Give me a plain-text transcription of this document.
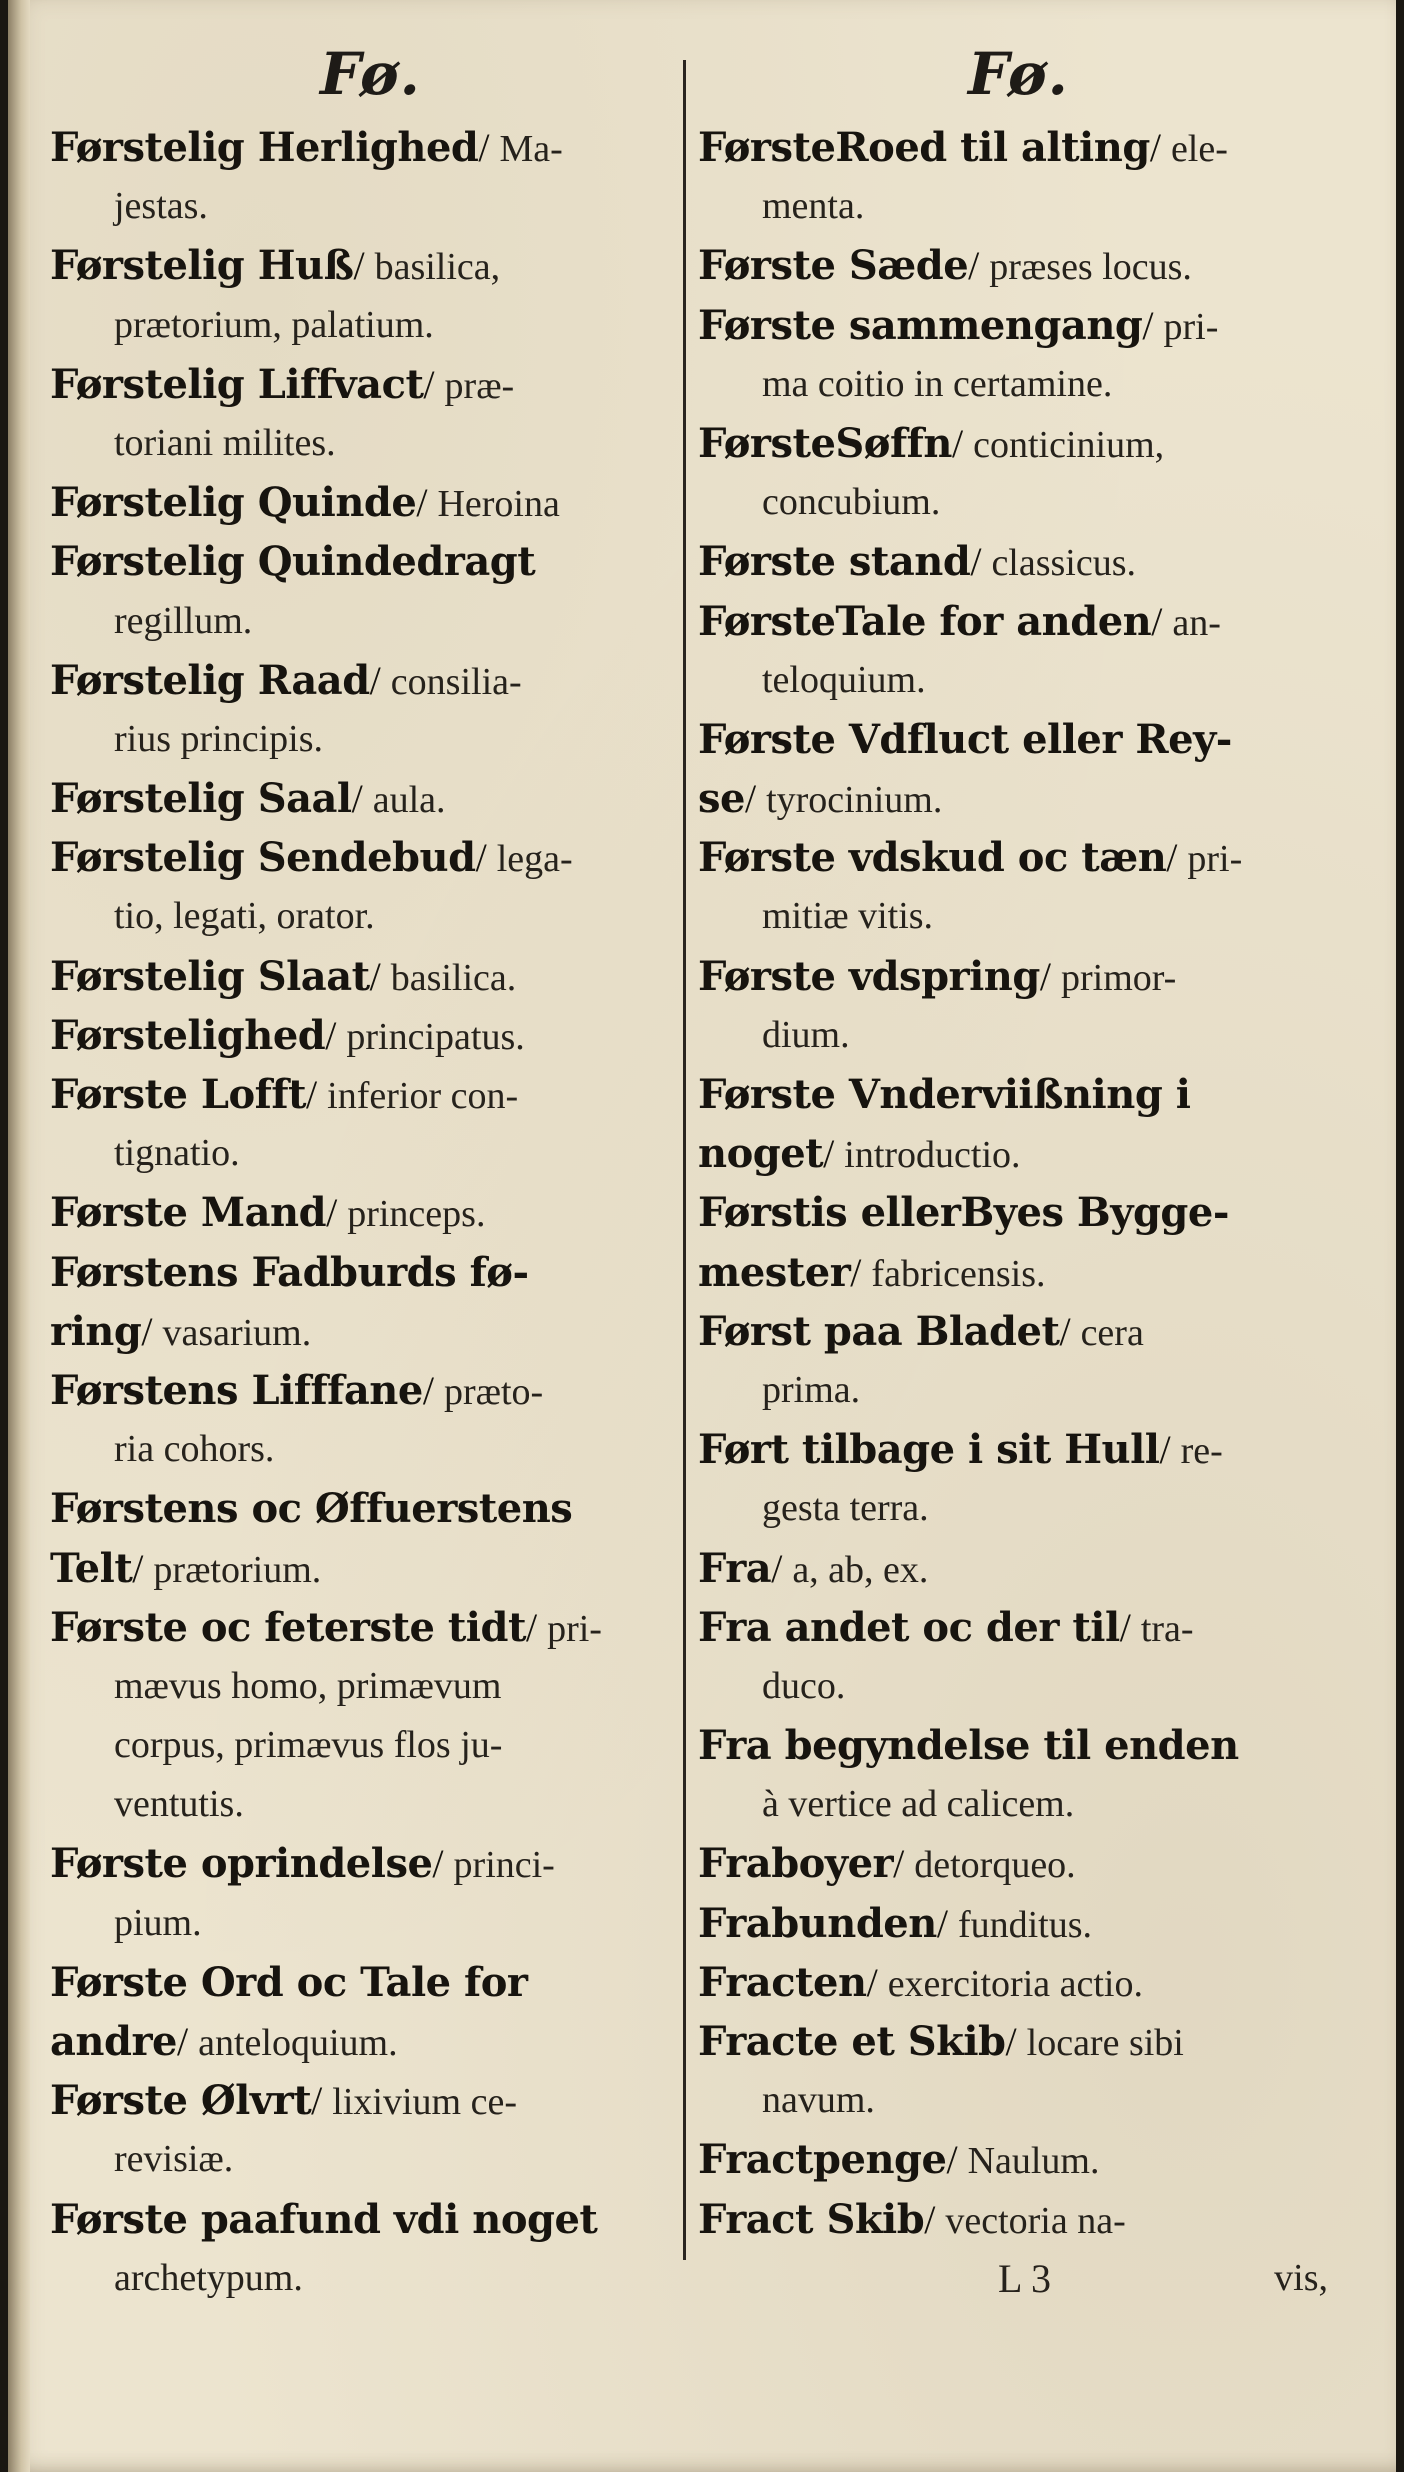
Fø.
Førstelig Herlighed/ Ma-
jestas.
Førstelig Huß/ basilica,
prætorium, palatium.
Førstelig Liffvact/ præ-
toriani milites.
Førstelig Quinde/ Heroina
Førstelig Quindedragt
regillum.
Førstelig Raad/ consilia-
rius principis.
Førstelig Saal/ aula.
Førstelig Sendebud/ lega-
tio, legati, orator.
Førstelig Slaat/ basilica.
Førstelighed/ principatus.
Første Lofft/ inferior con-
tignatio.
Første Mand/ princeps.
Førstens Fadburds fø-
ring/ vasarium.
Førstens Lifffane/ præto-
ria cohors.
Førstens oc Øffuerstens
Telt/ prætorium.
Første oc feterste tidt/ pri-
mævus homo, primævum
corpus, primævus flos ju-
ventutis.
Første oprindelse/ princi-
pium.
Første Ord oc Tale for
andre/ anteloquium.
Første Ølvrt/ lixivium ce-
revisiæ.
Første paafund vdi noget
archetypum.
Fø.
FørsteRoed til alting/ ele-
menta.
Første Sæde/ præses locus.
Første sammengang/ pri-
ma coitio in certamine.
FørsteSøffn/ conticinium,
concubium.
Første stand/ classicus.
FørsteTale for anden/ an-
teloquium.
Første Vdfluct eller Rey-
se/ tyrocinium.
Første vdskud oc tæn/ pri-
mitiæ vitis.
Første vdspring/ primor-
dium.
Første Vnderviißning i
noget/ introductio.
Førstis ellerByes Bygge-
mester/ fabricensis.
Først paa Bladet/ cera
prima.
Ført tilbage i sit Hull/ re-
gesta terra.
Fra/ a, ab, ex.
Fra andet oc der til/ tra-
duco.
Fra begyndelse til enden
à vertice ad calicem.
Fraboyer/ detorqueo.
Frabunden/ funditus.
Fracten/ exercitoria actio.
Fracte et Skib/ locare sibi
navum.
Fractpenge/ Naulum.
Fract Skib/ vectoria na-
L 3	vis,
